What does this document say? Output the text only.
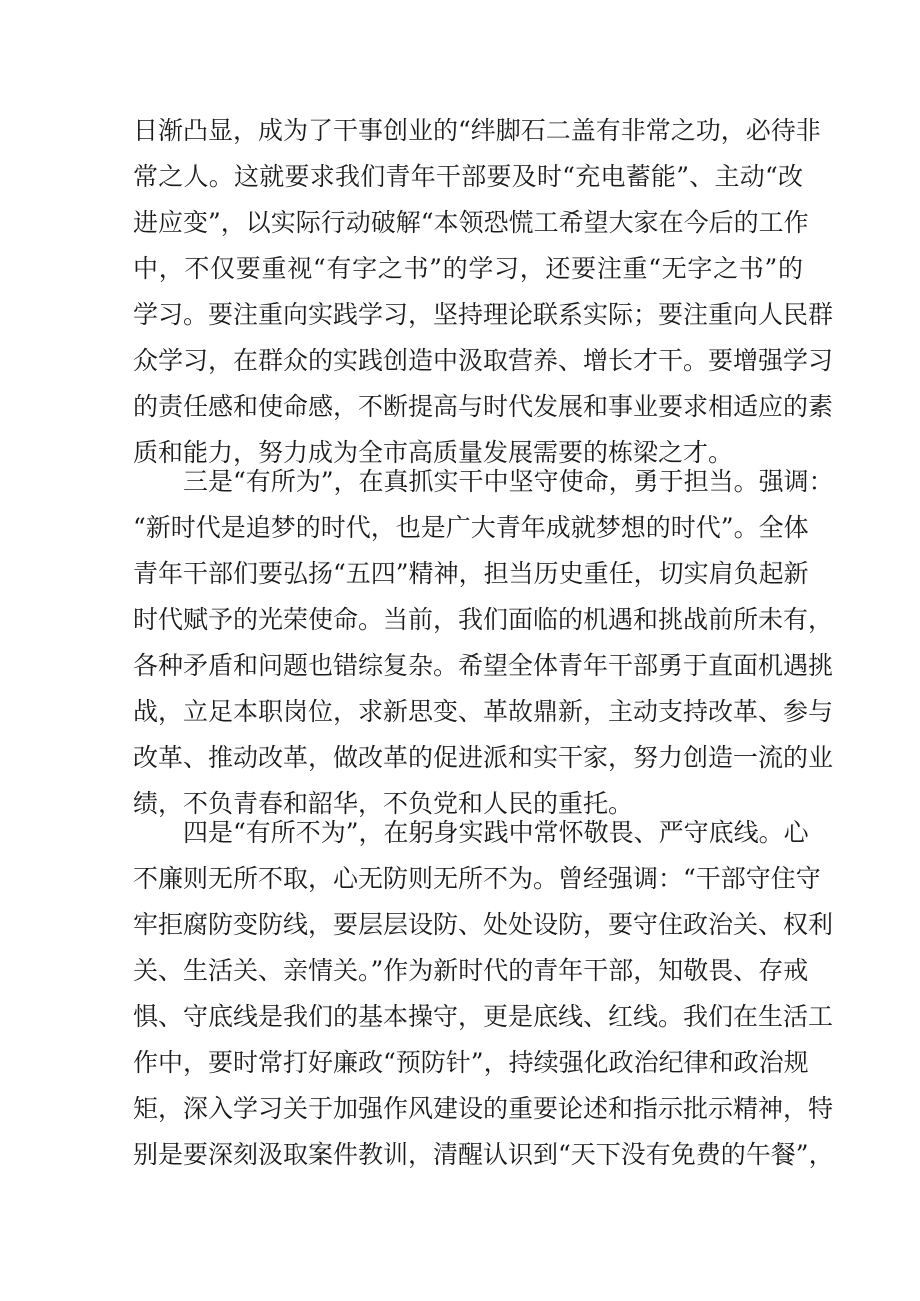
日渐凸显，成为了干事创业的“绊脚石二盖有非常之功，必待非
常之人。这就要求我们青年干部要及时“充电蓄能”、主动“改
进应变”，以实际行动破解“本领恐慌工希望大家在今后的工作
中，不仅要重视“有字之书”的学习，还要注重“无字之书”的
学习。要注重向实践学习，坚持理论联系实际；要注重向人民群
众学习，在群众的实践创造中汲取营养、增长才干。要增强学习
的责任感和使命感，不断提高与时代发展和事业要求相适应的素
质和能力，努力成为全市高质量发展需要的栋梁之才。
三是“有所为”，在真抓实干中坚守使命，勇于担当。强调：
“新时代是追梦的时代，也是广大青年成就梦想的时代”。全体
青年干部们要弘扬“五四”精神，担当历史重任，切实肩负起新
时代赋予的光荣使命。当前，我们面临的机遇和挑战前所未有，
各种矛盾和问题也错综复杂。希望全体青年干部勇于直面机遇挑
战，立足本职岗位，求新思变、革故鼎新，主动支持改革、参与
改革、推动改革，做改革的促进派和实干家，努力创造一流的业
绩，不负青春和韶华，不负党和人民的重托。
四是“有所不为”，在躬身实践中常怀敬畏、严守底线。心
不廉则无所不取，心无防则无所不为。曾经强调：“干部守住守
牢拒腐防变防线，要层层设防、处处设防，要守住政治关、权利
关、生活关、亲情关。”作为新时代的青年干部，知敬畏、存戒
惧、守底线是我们的基本操守，更是底线、红线。我们在生活工
作中，要时常打好廉政“预防针”，持续强化政治纪律和政治规
矩，深入学习关于加强作风建设的重要论述和指示批示精神，特
别是要深刻汲取案件教训，清醒认识到“天下没有免费的午餐”，
